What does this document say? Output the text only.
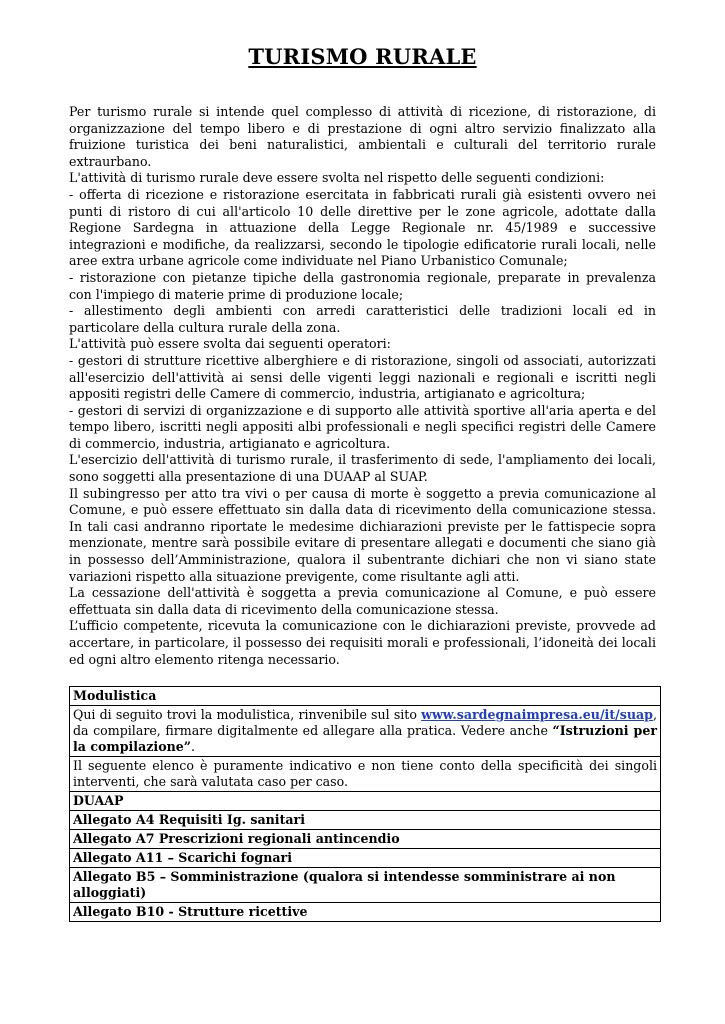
TURISMO RURALE

Per turismo rurale si intende quel complesso di attività di ricezione, di ristorazione, di organizzazione del tempo libero e di prestazione di ogni altro servizio finalizzato alla fruizione turistica dei beni naturalistici, ambientali e culturali del territorio rurale extraurbano.

L'attività di turismo rurale deve essere svolta nel rispetto delle seguenti condizioni:

- offerta di ricezione e ristorazione esercitata in fabbricati rurali già esistenti ovvero nei punti di ristoro di cui all'articolo 10 delle direttive per le zone agricole, adottate dalla Regione Sardegna in attuazione della Legge Regionale nr. 45/1989 e successive integrazioni e modifiche, da realizzarsi, secondo le tipologie edificatorie rurali locali, nelle aree extra urbane agricole come individuate nel Piano Urbanistico Comunale;

- ristorazione con pietanze tipiche della gastronomia regionale, preparate in prevalenza con l'impiego di materie prime di produzione locale;

- allestimento degli ambienti con arredi caratteristici delle tradizioni locali ed in particolare della cultura rurale della zona.

L'attività può essere svolta dai seguenti operatori:

- gestori di strutture ricettive alberghiere e di ristorazione, singoli od associati, autorizzati all'esercizio dell'attività ai sensi delle vigenti leggi nazionali e regionali e iscritti negli appositi registri delle Camere di commercio, industria, artigianato e agricoltura;

- gestori di servizi di organizzazione e di supporto alle attività sportive all'aria aperta e del tempo libero, iscritti negli appositi albi professionali e negli specifici registri delle Camere di commercio, industria, artigianato e agricoltura.

L'esercizio dell'attività di turismo rurale, il trasferimento di sede, l'ampliamento dei locali, sono soggetti alla presentazione di una DUAAP al SUAP.

Il subingresso per atto tra vivi o per causa di morte è soggetto a previa comunicazione al Comune, e può essere effettuato sin dalla data di ricevimento della comunicazione stessa. In tali casi andranno riportate le medesime dichiarazioni previste per le fattispecie sopra menzionate, mentre sarà possibile evitare di presentare allegati e documenti che siano già in possesso dell’Amministrazione, qualora il subentrante dichiari che non vi siano state variazioni rispetto alla situazione previgente, come risultante agli atti.

La cessazione dell'attività è soggetta a previa comunicazione al Comune, e può essere effettuata sin dalla data di ricevimento della comunicazione stessa.

L’ufficio competente, ricevuta la comunicazione con le dichiarazioni previste, provvede ad accertare, in particolare, il possesso dei requisiti morali e professionali, l’idoneità dei locali ed ogni altro elemento ritenga necessario.

Modulistica

Qui di seguito trovi la modulistica, rinvenibile sul sito www.sardegnaimpresa.eu/it/suap, da compilare, firmare digitalmente ed allegare alla pratica. Vedere anche “Istruzioni per la compilazione”.

Il seguente elenco è puramente indicativo e non tiene conto della specificità dei singoli interventi, che sarà valutata caso per caso.

DUAAP
Allegato A4 Requisiti Ig. sanitari
Allegato A7 Prescrizioni regionali antincendio
Allegato A11 – Scarichi fognari
Allegato B5 – Somministrazione (qualora si intendesse somministrare ai non alloggiati)
Allegato B10 - Strutture ricettive
